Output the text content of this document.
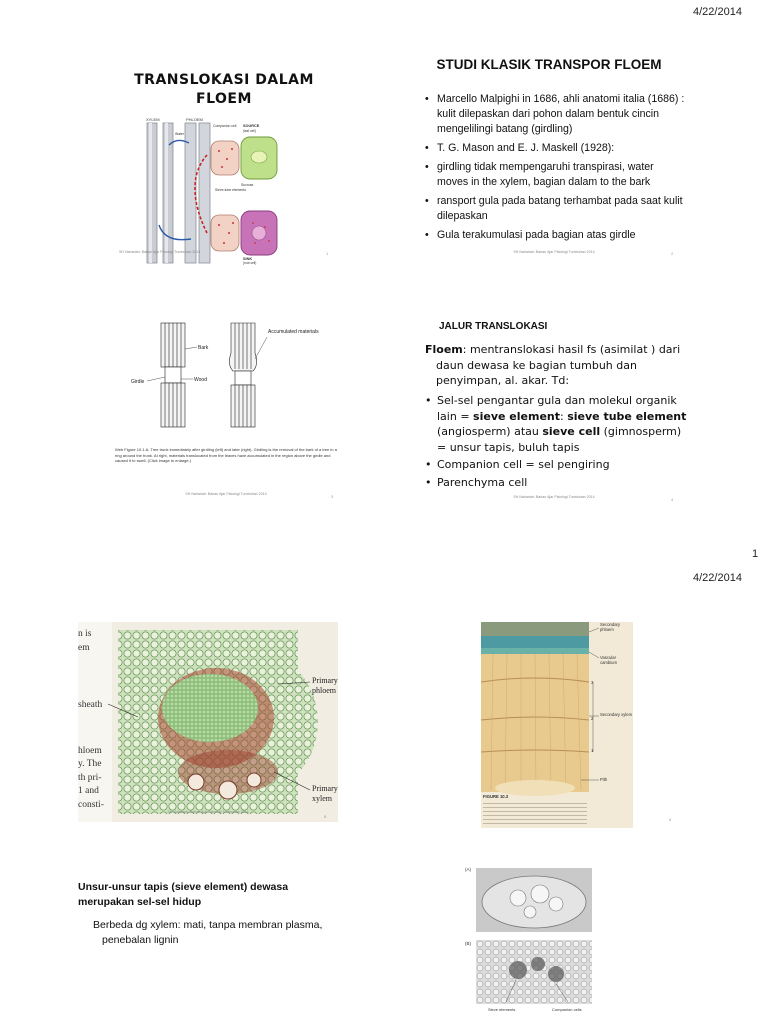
4/22/2014
TRANSLOKASI DALAM
FLOEM
XYLEM	PHLOEM
Companion cell SOURCE
(leaf cell)
Water
Sucrose
Sieve-tube elements
SINK
(root cell)
SH Nahariah: Bahan Ajar Fisiologi Tumbuhan 2014	1
STUDI KLASIK TRANSPOR FLOEM
• Marcello Malpighi in 1686, ahli anatomi italia (1686) : kulit dilepaskan dari pohon dalam bentuk cincin mengelilingi batang (girdling)
• T. G. Mason and E. J. Maskell (1928):
• girdling tidak mempengaruhi transpirasi, water moves in the xylem, bagian dalam to the bark
• ransport gula pada batang terhambat pada saat kulit dilepaskan
• Gula terakumulasi pada bagian atas girdle
SH Nahariah: Bahan Ajar Fisiologi Tumbuhan 2014	2
Bark
Accumulated materials
Girdle	Wood
Web Figure 10.1.A. Tree trunk immediately after girdling (left) and later (right). Girdling is the removal of the bark of a tree in a ring around the trunk. At right, materials translocated from the leaves have accumulated in the region above the girdle and caused it to swell. (Click image to enlarge.)
SH Nahariah: Bahan Ajar Fisiologi Tumbuhan 2014	3
JALUR TRANSLOKASI
Floem: mentranslokasi hasil fs (asimilat ) dari daun dewasa ke bagian tumbuh dan penyimpan, al. akar. Td:
• Sel-sel pengantar gula dan molekul organik lain = sieve element: sieve tube element (angiosperm) atau sieve cell (gimnosperm) = unsur tapis, buluh tapis
• Companion cell = sel pengiring
• Parenchyma cell
SH Nahariah: Bahan Ajar Fisiologi Tumbuhan 2014	4
1
4/22/2014
n is
em
sheath
hloem
y. The
th pri-
1 and
consti-
Primary phloem
Primary xylem
SH Nahariah: Bahan Ajar Fisiologi Tumbuhan 2014
5
Secondary phloem
Vascular cambium
Secondary xylem
Pith
3
2
1
FIGURE 10.3
6
Unsur-unsur tapis (sieve element) dewasa merupakan sel-sel hidup
Berbeda dg xylem: mati, tanpa membran plasma, penebalan lignin
(A)
(B)
Sieve elements	Companion cells
